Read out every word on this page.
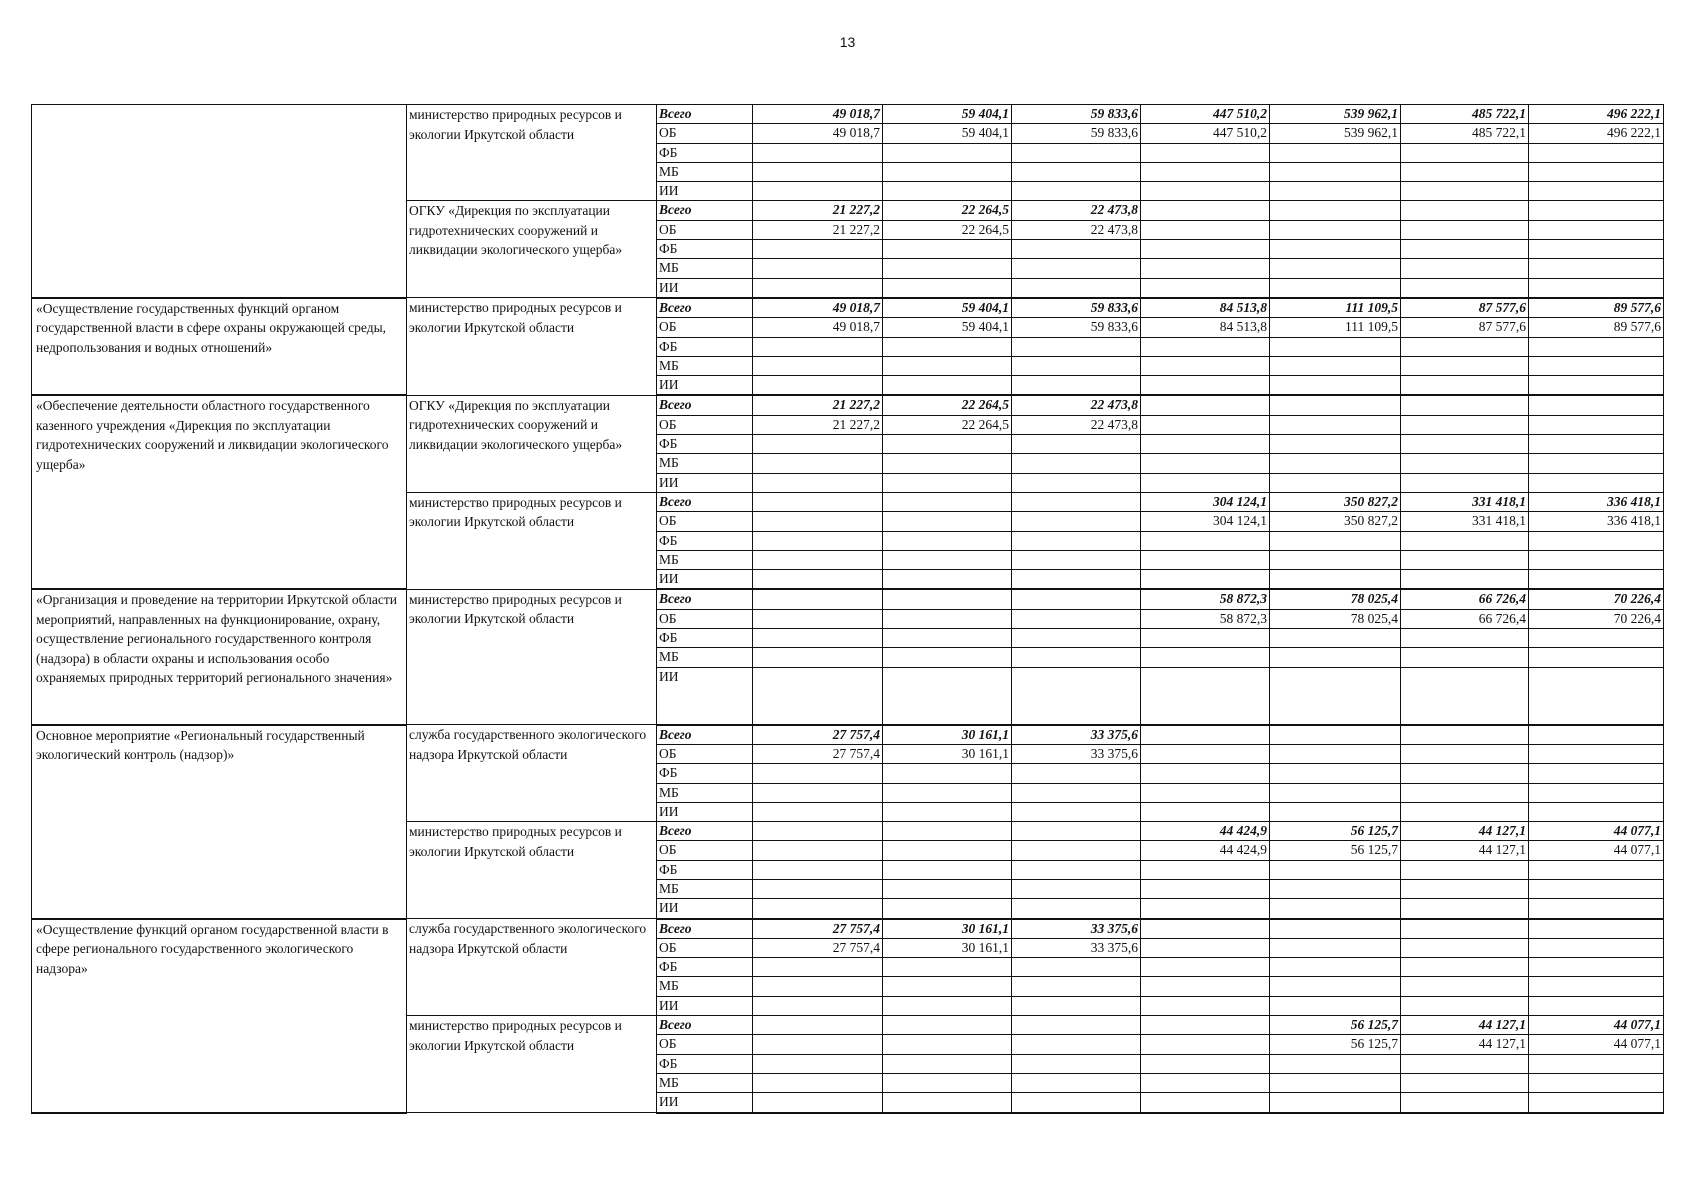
13
	министерство природных ресурсов и экологии Иркутской области	Всего	49 018,7	59 404,1	59 833,6	447 510,2	539 962,1	485 722,1	496 222,1
		ОБ	49 018,7	59 404,1	59 833,6	447 510,2	539 962,1	485 722,1	496 222,1
		ФБ							
		МБ							
		ИИ							
	ОГКУ «Дирекция по эксплуатации гидротехнических сооружений и ликвидации экологического ущерба»	Всего	21 227,2	22 264,5	22 473,8				
		ОБ	21 227,2	22 264,5	22 473,8				
		ФБ							
		МБ							
		ИИ							
«Осуществление государственных функций органом государственной власти в сфере охраны окружающей среды, недропользования и водных отношений»	министерство природных ресурсов и экологии Иркутской области	Всего	49 018,7	59 404,1	59 833,6	84 513,8	111 109,5	87 577,6	89 577,6
		ОБ	49 018,7	59 404,1	59 833,6	84 513,8	111 109,5	87 577,6	89 577,6
		ФБ							
		МБ							
		ИИ							
«Обеспечение деятельности областного государственного казенного учреждения «Дирекция по эксплуатации гидротехнических сооружений и ликвидации экологического ущерба»	ОГКУ «Дирекция по эксплуатации гидротехнических сооружений и ликвидации экологического ущерба»	Всего	21 227,2	22 264,5	22 473,8				
		ОБ	21 227,2	22 264,5	22 473,8				
		ФБ							
		МБ							
		ИИ							
	министерство природных ресурсов и экологии Иркутской области	Всего				304 124,1	350 827,2	331 418,1	336 418,1
		ОБ				304 124,1	350 827,2	331 418,1	336 418,1
		ФБ							
		МБ							
		ИИ							
«Организация и проведение на территории Иркутской области мероприятий, направленных на функционирование, охрану, осуществление регионального государственного контроля (надзора) в области охраны и использования особо охраняемых природных территорий регионального значения»	министерство природных ресурсов и экологии Иркутской области	Всего				58 872,3	78 025,4	66 726,4	70 226,4
		ОБ				58 872,3	78 025,4	66 726,4	70 226,4
		ФБ							
		МБ							
		ИИ							
Основное мероприятие «Региональный государственный экологический контроль (надзор)»	служба государственного экологического надзора Иркутской области	Всего	27 757,4	30 161,1	33 375,6				
		ОБ	27 757,4	30 161,1	33 375,6				
		ФБ							
		МБ							
		ИИ							
	министерство природных ресурсов и экологии Иркутской области	Всего				44 424,9	56 125,7	44 127,1	44 077,1
		ОБ				44 424,9	56 125,7	44 127,1	44 077,1
		ФБ							
		МБ							
		ИИ							
«Осуществление функций органом государственной власти в сфере регионального государственного экологического надзора»	служба государственного экологического надзора Иркутской области	Всего	27 757,4	30 161,1	33 375,6				
		ОБ	27 757,4	30 161,1	33 375,6				
		ФБ							
		МБ							
		ИИ							
	министерство природных ресурсов и экологии Иркутской области	Всего					56 125,7	44 127,1	44 077,1
		ОБ					56 125,7	44 127,1	44 077,1
		ФБ							
		МБ							
		ИИ							
